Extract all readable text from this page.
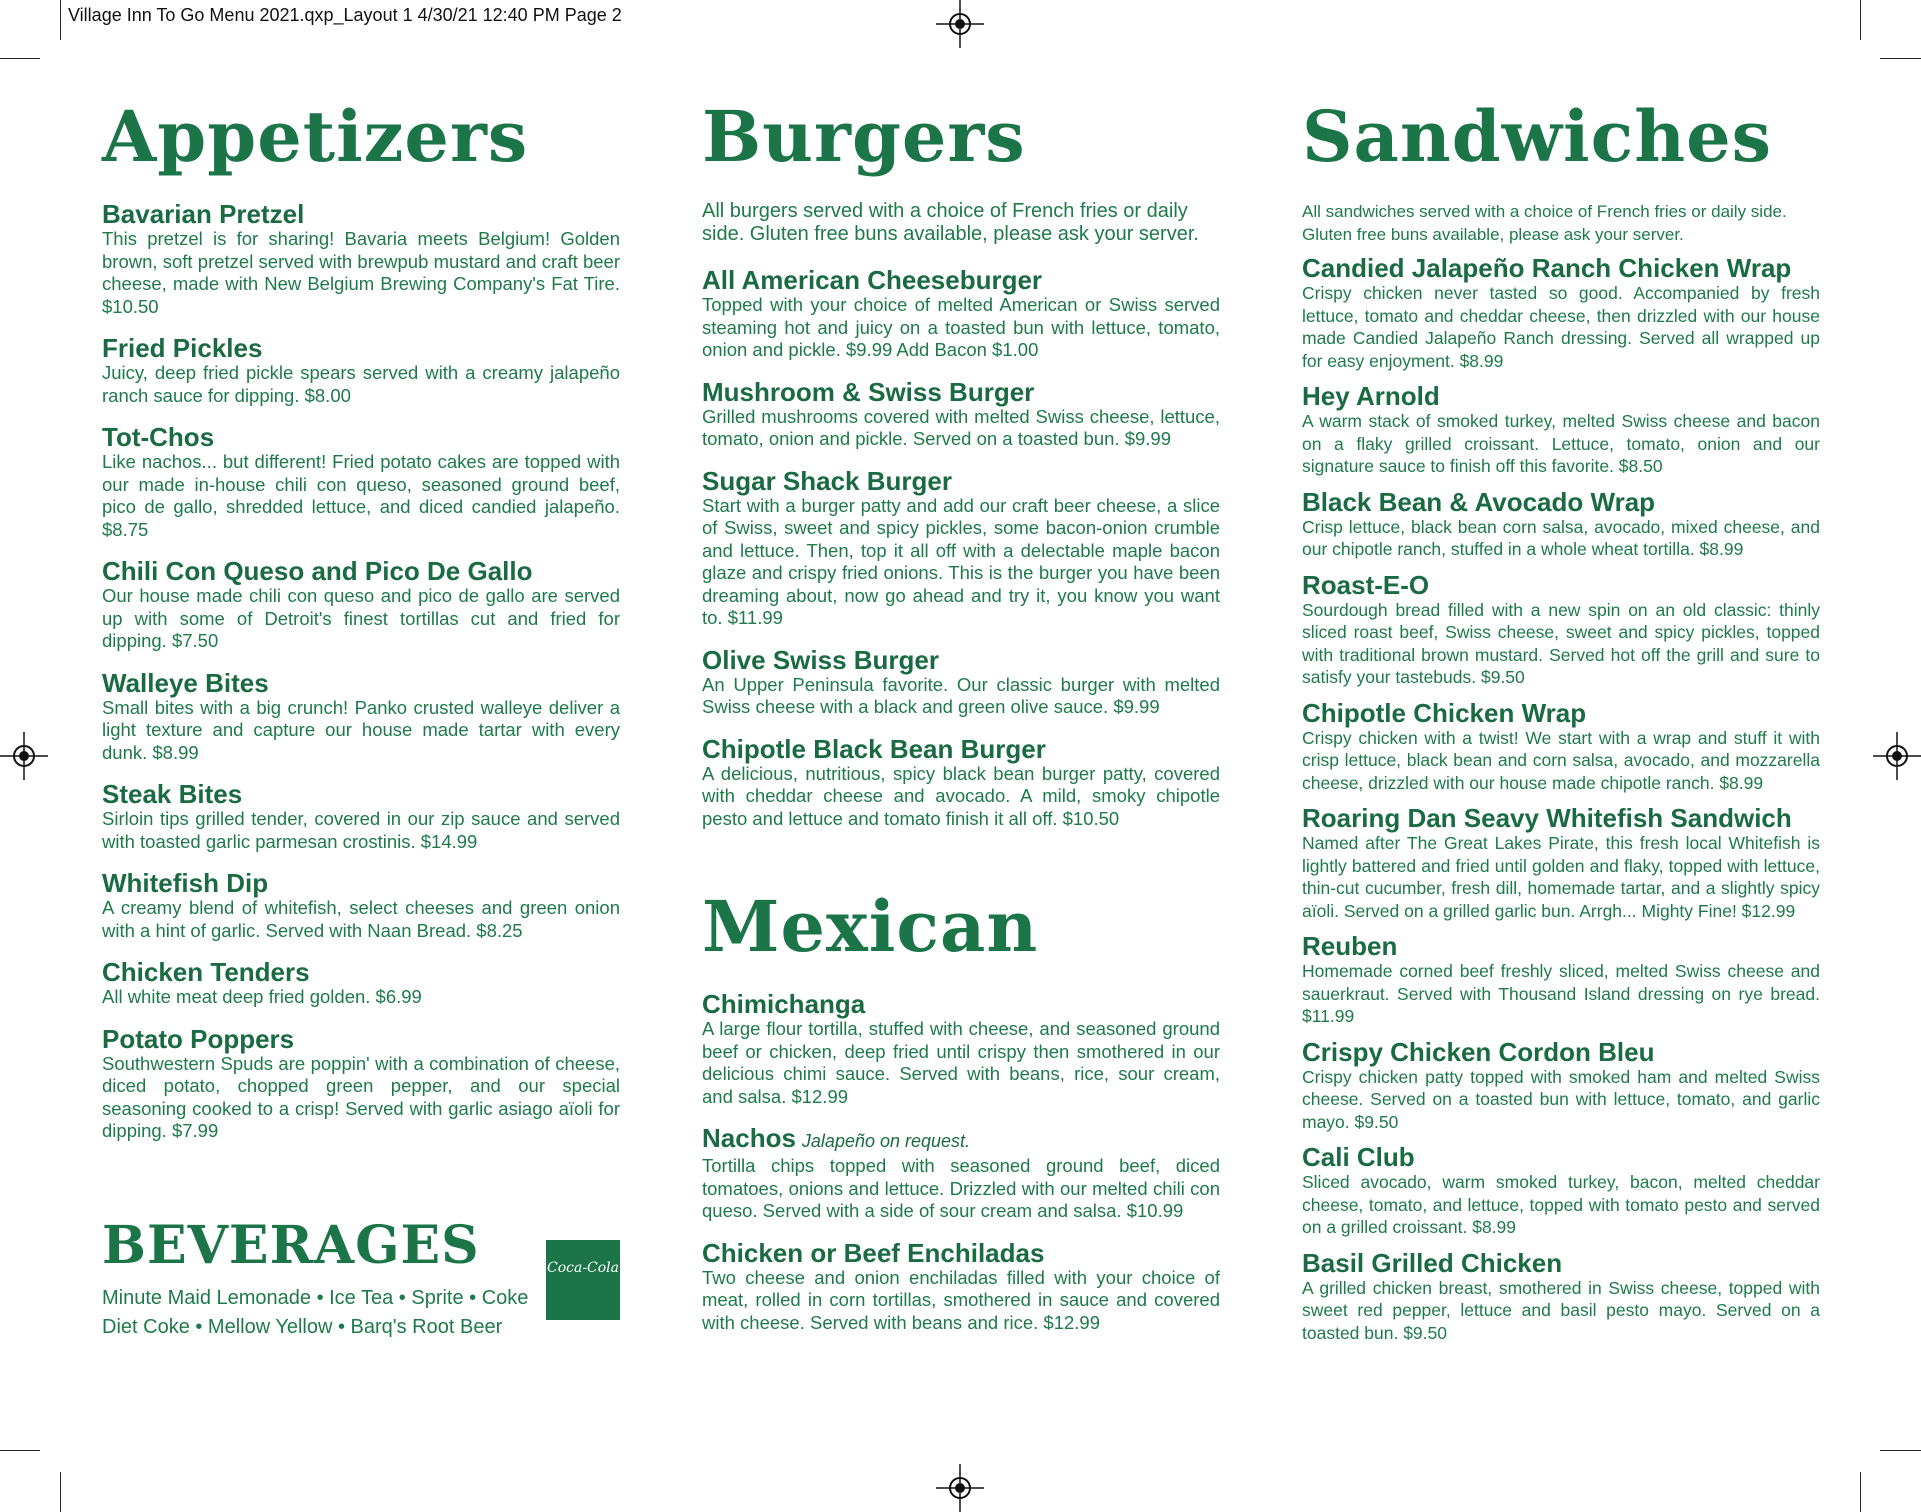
Village Inn To Go Menu 2021.qxp_Layout 1 4/30/21 12:40 PM Page 2
Appetizers
Bavarian Pretzel

This pretzel is for sharing! Bavaria meets Belgium! Golden brown, soft pretzel served with brewpub mustard and craft beer cheese, made with New Belgium Brewing Company's Fat Tire. $10.50

Fried Pickles

Juicy, deep fried pickle spears served with a creamy jalapeño ranch sauce for dipping. $8.00

Tot-Chos

Like nachos... but different! Fried potato cakes are topped with our made in-house chili con queso, seasoned ground beef, pico de gallo, shredded lettuce, and diced candied jalapeño. $8.75

Chili Con Queso and Pico De Gallo

Our house made chili con queso and pico de gallo are served up with some of Detroit's finest tortillas cut and fried for dipping. $7.50

Walleye Bites

Small bites with a big crunch! Panko crusted walleye deliver a light texture and capture our house made tartar with every dunk. $8.99

Steak Bites

Sirloin tips grilled tender, covered in our zip sauce and served with toasted garlic parmesan crostinis. $14.99

Whitefish Dip

A creamy blend of whitefish, select cheeses and green onion with a hint of garlic. Served with Naan Bread. $8.25

Chicken Tenders

All white meat deep fried golden. $6.99

Potato Poppers

Southwestern Spuds are poppin' with a combination of cheese, diced potato, chopped green pepper, and our special seasoning cooked to a crisp! Served with garlic asiago aïoli for dipping. $7.99

BEVERAGES
Minute Maid Lemonade • Ice Tea • Sprite • Coke
Diet Coke • Mellow Yellow • Barq's Root Beer
Coca-Cola
Burgers

All burgers served with a choice of French fries or daily side. Gluten free buns available, please ask your server.

All American Cheeseburger

Topped with your choice of melted American or Swiss served steaming hot and juicy on a toasted bun with lettuce, tomato, onion and pickle. $9.99 Add Bacon $1.00

Mushroom & Swiss Burger

Grilled mushrooms covered with melted Swiss cheese, lettuce, tomato, onion and pickle. Served on a toasted bun. $9.99

Sugar Shack Burger

Start with a burger patty and add our craft beer cheese, a slice of Swiss, sweet and spicy pickles, some bacon-onion crumble and lettuce. Then, top it all off with a delectable maple bacon glaze and crispy fried onions. This is the burger you have been dreaming about, now go ahead and try it, you know you want to. $11.99

Olive Swiss Burger

An Upper Peninsula favorite. Our classic burger with melted Swiss cheese with a black and green olive sauce. $9.99

Chipotle Black Bean Burger

A delicious, nutritious, spicy black bean burger patty, covered with cheddar cheese and avocado. A mild, smoky chipotle pesto and lettuce and tomato finish it all off. $10.50

Mexican
Chimichanga

A large flour tortilla, stuffed with cheese, and seasoned ground beef or chicken, deep fried until crispy then smothered in our delicious chimi sauce. Served with beans, rice, sour cream, and salsa. $12.99

Nachos Jalapeño on request.

Tortilla chips topped with seasoned ground beef, diced tomatoes, onions and lettuce. Drizzled with our melted chili con queso. Served with a side of sour cream and salsa. $10.99

Chicken or Beef Enchiladas

Two cheese and onion enchiladas filled with your choice of meat, rolled in corn tortillas, smothered in sauce and covered with cheese. Served with beans and rice. $12.99

Sandwiches

All sandwiches served with a choice of French fries or daily side. Gluten free buns available, please ask your server.

Candied Jalapeño Ranch Chicken Wrap

Crispy chicken never tasted so good. Accompanied by fresh lettuce, tomato and cheddar cheese, then drizzled with our house made Candied Jalapeño Ranch dressing. Served all wrapped up for easy enjoyment. $8.99

Hey Arnold

A warm stack of smoked turkey, melted Swiss cheese and bacon on a flaky grilled croissant. Lettuce, tomato, onion and our signature sauce to finish off this favorite. $8.50

Black Bean & Avocado Wrap

Crisp lettuce, black bean corn salsa, avocado, mixed cheese, and our chipotle ranch, stuffed in a whole wheat tortilla. $8.99

Roast-E-O

Sourdough bread filled with a new spin on an old classic: thinly sliced roast beef, Swiss cheese, sweet and spicy pickles, topped with traditional brown mustard. Served hot off the grill and sure to satisfy your tastebuds. $9.50

Chipotle Chicken Wrap

Crispy chicken with a twist! We start with a wrap and stuff it with crisp lettuce, black bean and corn salsa, avocado, and mozzarella cheese, drizzled with our house made chipotle ranch. $8.99

Roaring Dan Seavy Whitefish Sandwich

Named after The Great Lakes Pirate, this fresh local Whitefish is lightly battered and fried until golden and flaky, topped with lettuce, thin-cut cucumber, fresh dill, homemade tartar, and a slightly spicy aïoli. Served on a grilled garlic bun. Arrgh... Mighty Fine! $12.99

Reuben

Homemade corned beef freshly sliced, melted Swiss cheese and sauerkraut. Served with Thousand Island dressing on rye bread. $11.99

Crispy Chicken Cordon Bleu

Crispy chicken patty topped with smoked ham and melted Swiss cheese. Served on a toasted bun with lettuce, tomato, and garlic mayo. $9.50

Cali Club

Sliced avocado, warm smoked turkey, bacon, melted cheddar cheese, tomato, and lettuce, topped with tomato pesto and served on a grilled croissant. $8.99

Basil Grilled Chicken

A grilled chicken breast, smothered in Swiss cheese, topped with sweet red pepper, lettuce and basil pesto mayo. Served on a toasted bun. $9.50
